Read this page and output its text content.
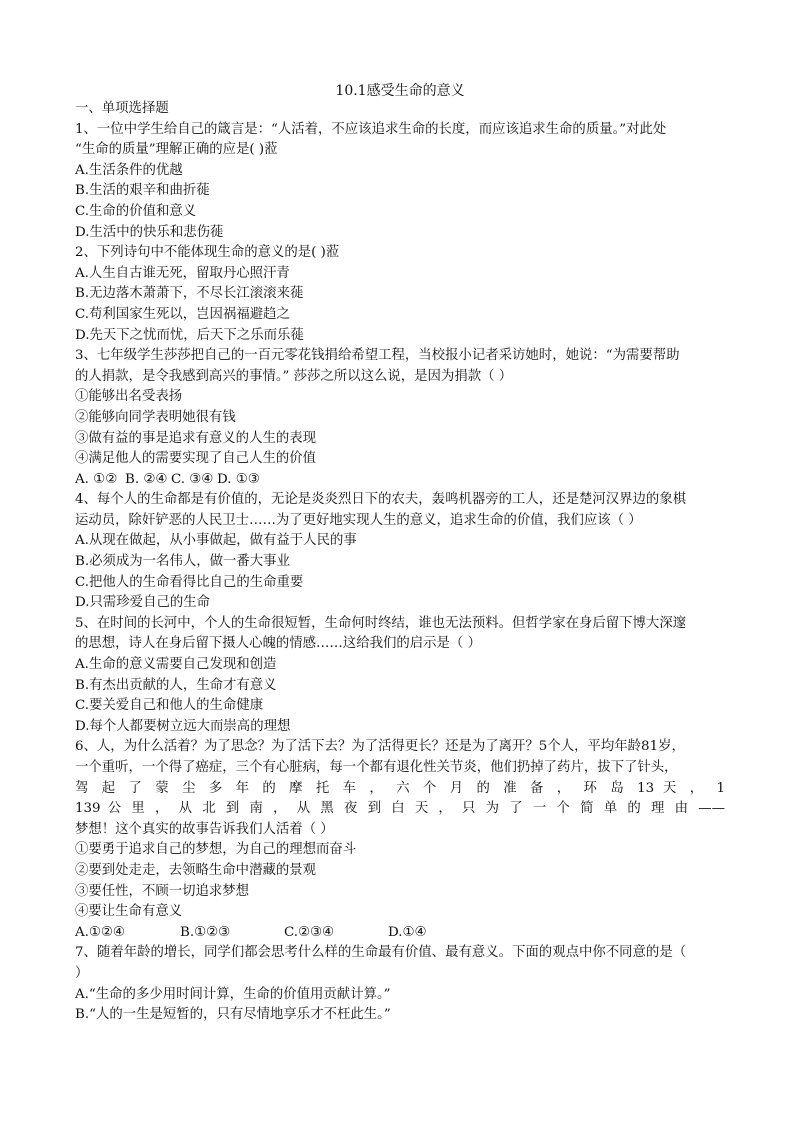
10.1感受生命的意义

一、单项选择题

1、一位中学生给自己的箴言是：“人活着，不应该追求生命的长度，而应该追求生命的质量。”对此处

“生命的质量”理解正确的应是( )蒞

A.生活条件的优越

B.生活的艰辛和曲折蓰

C.生命的价值和意义

D.生活中的快乐和悲伤蓰

2、下列诗句中不能体现生命的意义的是( )蒞

A.人生自古谁无死，留取丹心照汗青

B.无边落木萧萧下，不尽长江滚滚来蓰

C.苟利国家生死以，岂因祸福避趋之

D.先天下之忧而忧，后天下之乐而乐蓰

3、七年级学生莎莎把自己的一百元零花钱捐给希望工程，当校报小记者采访她时，她说：“为需要帮助

的人捐款，是令我感到高兴的事情。” 莎莎之所以这么说，是因为捐款（ ）

①能够出名受表扬

②能够向同学表明她很有钱

③做有益的事是追求有意义的人生的表现

④满足他人的需要实现了自己人生的价值

A. ①② B. ②④ C. ③④ D. ①③

4、每个人的生命都是有价值的，无论是炎炎烈日下的农夫，轰鸣机器旁的工人，还是楚河汉界边的象棋

运动员，除奸铲恶的人民卫士……为了更好地实现人生的意义，追求生命的价值，我们应该（ ）

A.从现在做起，从小事做起，做有益于人民的事

B.必须成为一名伟人，做一番大事业

C.把他人的生命看得比自己的生命重要

D.只需珍爱自己的生命

5、在时间的长河中，个人的生命很短暂，生命何时终结，谁也无法预料。但哲学家在身后留下博大深邃

的思想，诗人在身后留下摄人心魄的情感……这给我们的启示是（ ）

A.生命的意义需要自己发现和创造

B.有杰出贡献的人，生命才有意义

C.要关爱自己和他人的生命健康

D.每个人都要树立远大而崇高的理想

6、人，为什么活着？为了思念？为了活下去？为了活得更长？还是为了离开？5个人，平均年龄81岁，

一个重听，一个得了癌症，三个有心脏病，每一个都有退化性关节炎，他们扔掉了药片，拔下了针头，

驾 起 了 蒙 尘 多 年 的 摩 托 车 ， 六 个 月 的 准 备 ， 环 岛 13 天 ， 1

139 公 里 ， 从 北 到 南 ， 从 黑 夜 到 白 天 ， 只 为 了 一 个 简 单 的 理 由 ——

梦想！这个真实的故事告诉我们人活着（ ）

①要勇于追求自己的梦想，为自己的理想而奋斗

②要到处走走，去领略生命中潜藏的景观

③要任性，不顾一切追求梦想

④要让生命有意义

A.①②④	B.①②③	C.②③④	D.①④

7、随着年龄的增长，同学们都会思考什么样的生命最有价值、最有意义。下面的观点中你不同意的是（

）

A.“生命的多少用时间计算，生命的价值用贡献计算。”

B.“人的一生是短暂的，只有尽情地享乐才不枉此生。”
